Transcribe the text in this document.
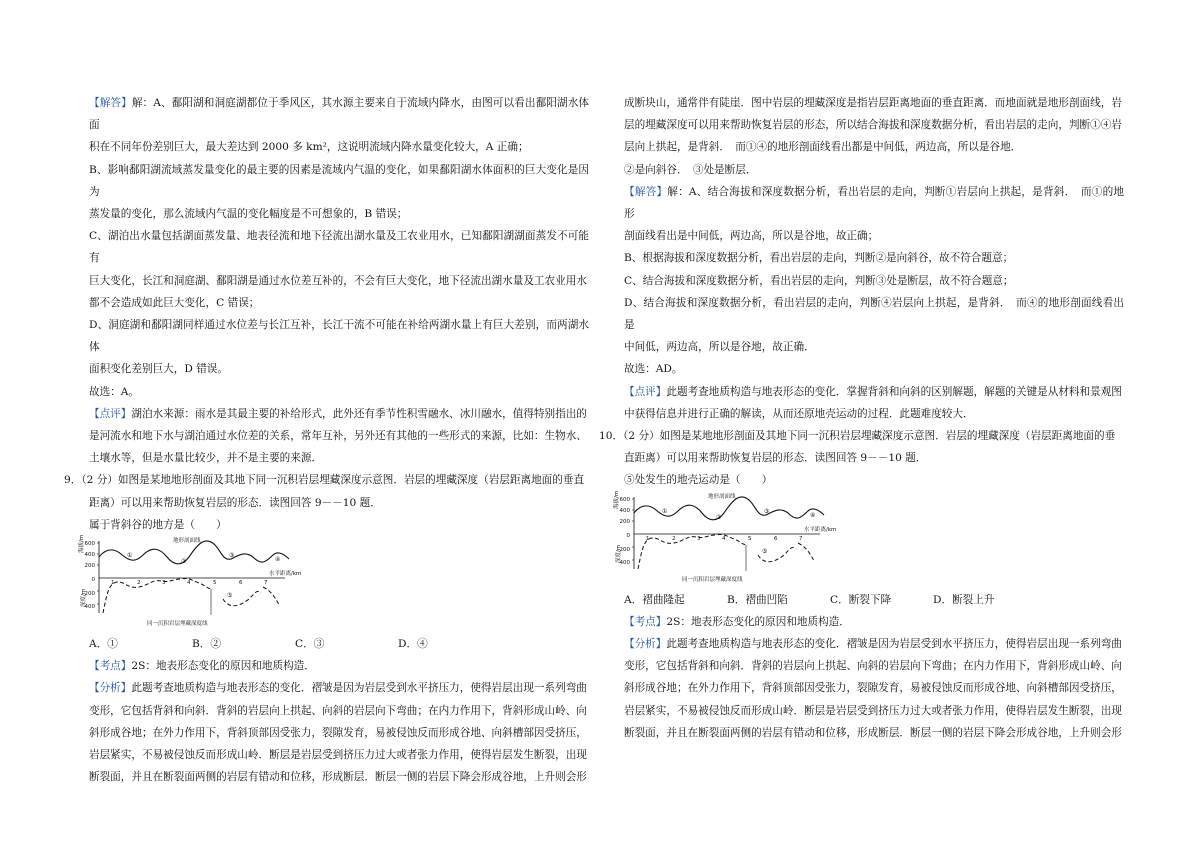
【解答】解：A、鄱阳湖和洞庭湖都位于季风区，其水源主要来自于流域内降水，由图可以看出鄱阳湖水体面

积在不同年份差别巨大，最大差达到 2000 多 km²，这说明流域内降水量变化较大，A 正确；

B、影响鄱阳湖流域蒸发量变化的最主要的因素是流域内气温的变化，如果鄱阳湖水体面积的巨大变化是因为

蒸发量的变化，那么流域内气温的变化幅度是不可想象的，B 错误；

C、湖泊出水量包括湖面蒸发量、地表径流和地下径流出湖水量及工农业用水，已知鄱阳湖湖面蒸发不可能有

巨大变化，长江和洞庭湖、鄱阳湖是通过水位差互补的，不会有巨大变化，地下径流出湖水量及工农业用水

都不会造成如此巨大变化，C 错误；

D、洞庭湖和鄱阳湖同样通过水位差与长江互补，长江干流不可能在补给两湖水量上有巨大差别，而两湖水体

面积变化差别巨大，D 错误。

故选：A。

【点评】湖泊水来源：雨水是其最主要的补给形式，此外还有季节性积雪融水、冰川融水，值得特别指出的

是河流水和地下水与湖泊通过水位差的关系，常年互补，另外还有其他的一些形式的来源，比如：生物水、

土壤水等，但是水量比较少，并不是主要的来源．

9．（2 分）如图是某地地形剖面及其地下同一沉积岩层埋藏深度示意图．岩层的埋藏深度（岩层距离地面的垂直

距离）可以用来帮助恢复岩层的形态．读图回答 9－－10 题．

属于背斜谷的地方是（　　）

海拔/m 600
400
200
0
200
400
深度/m
水平距离/km
地形剖面线
同一沉积岩层埋藏深度线
1	2	3	4	5	6	7
①
②
③
④
⑤
A．①	B．②	C．③	D．④

【考点】2S：地表形态变化的原因和地质构造．

【分析】此题考查地质构造与地表形态的变化．褶皱是因为岩层受到水平挤压力，使得岩层出现一系列弯曲

变形，它包括背斜和向斜．背斜的岩层向上拱起、向斜的岩层向下弯曲；在内力作用下，背斜形成山岭、向

斜形成谷地；在外力作用下，背斜顶部因受张力，裂隙发育，易被侵蚀反而形成谷地、向斜槽部因受挤压，

岩层紧实，不易被侵蚀反而形成山岭．断层是岩层受到挤压力过大或者张力作用，使得岩层发生断裂，出现

断裂面，并且在断裂面两侧的岩层有错动和位移，形成断层．断层一侧的岩层下降会形成谷地，上升则会形

成断块山，通常伴有陡崖．图中岩层的埋藏深度是指岩层距离地面的垂直距离．而地面就是地形剖面线，岩

层的埋藏深度可以用来帮助恢复岩层的形态，所以结合海拔和深度数据分析，看出岩层的走向，判断①④岩

层向上拱起，是背斜．　而①④的地形剖面线看出都是中间低，两边高，所以是谷地．

②是向斜谷．　③处是断层．

【解答】解：A、结合海拔和深度数据分析，看出岩层的走向，判断①岩层向上拱起，是背斜．　而①的地形

剖面线看出是中间低，两边高，所以是谷地，故正确；

B、根据海拔和深度数据分析，看出岩层的走向，判断②是向斜谷，故不符合题意；

C、结合海拔和深度数据分析，看出岩层的走向，判断③处是断层，故不符合题意；

D、结合海拔和深度数据分析，看出岩层的走向，判断④岩层向上拱起，是背斜．　而④的地形剖面线看出是

中间低，两边高，所以是谷地，故正确．

故选：AD。

【点评】此题考查地质构造与地表形态的变化．掌握背斜和向斜的区别解题，解题的关键是从材料和景观图

中获得信息并进行正确的解读，从而还原地壳运动的过程．此题难度较大．

10．（2 分）如图是某地地形剖面及其地下同一沉积岩层埋藏深度示意图．岩层的埋藏深度（岩层距离地面的垂

直距离）可以用来帮助恢复岩层的形态．读图回答 9－－10 题．

⑤处发生的地壳运动是（　　）

海拔/m 600
400
200
0
200
400
深度/m
水平距离/km
地形剖面线
同一沉积岩层埋藏深度线
1	2	3	4	5	6	7
①
②
③
④
⑤
A．褶曲隆起	B．褶曲凹陷	C．断裂下降	D．断裂上升

【考点】2S：地表形态变化的原因和地质构造．

【分析】此题考查地质构造与地表形态的变化．褶皱是因为岩层受到水平挤压力，使得岩层出现一系列弯曲

变形，它包括背斜和向斜．背斜的岩层向上拱起、向斜的岩层向下弯曲；在内力作用下，背斜形成山岭、向

斜形成谷地；在外力作用下，背斜顶部因受张力，裂隙发育，易被侵蚀反而形成谷地、向斜槽部因受挤压，

岩层紧实，不易被侵蚀反而形成山岭．断层是岩层受到挤压力过大或者张力作用，使得岩层发生断裂，出现

断裂面，并且在断裂面两侧的岩层有错动和位移，形成断层．断层一侧的岩层下降会形成谷地，上升则会形
